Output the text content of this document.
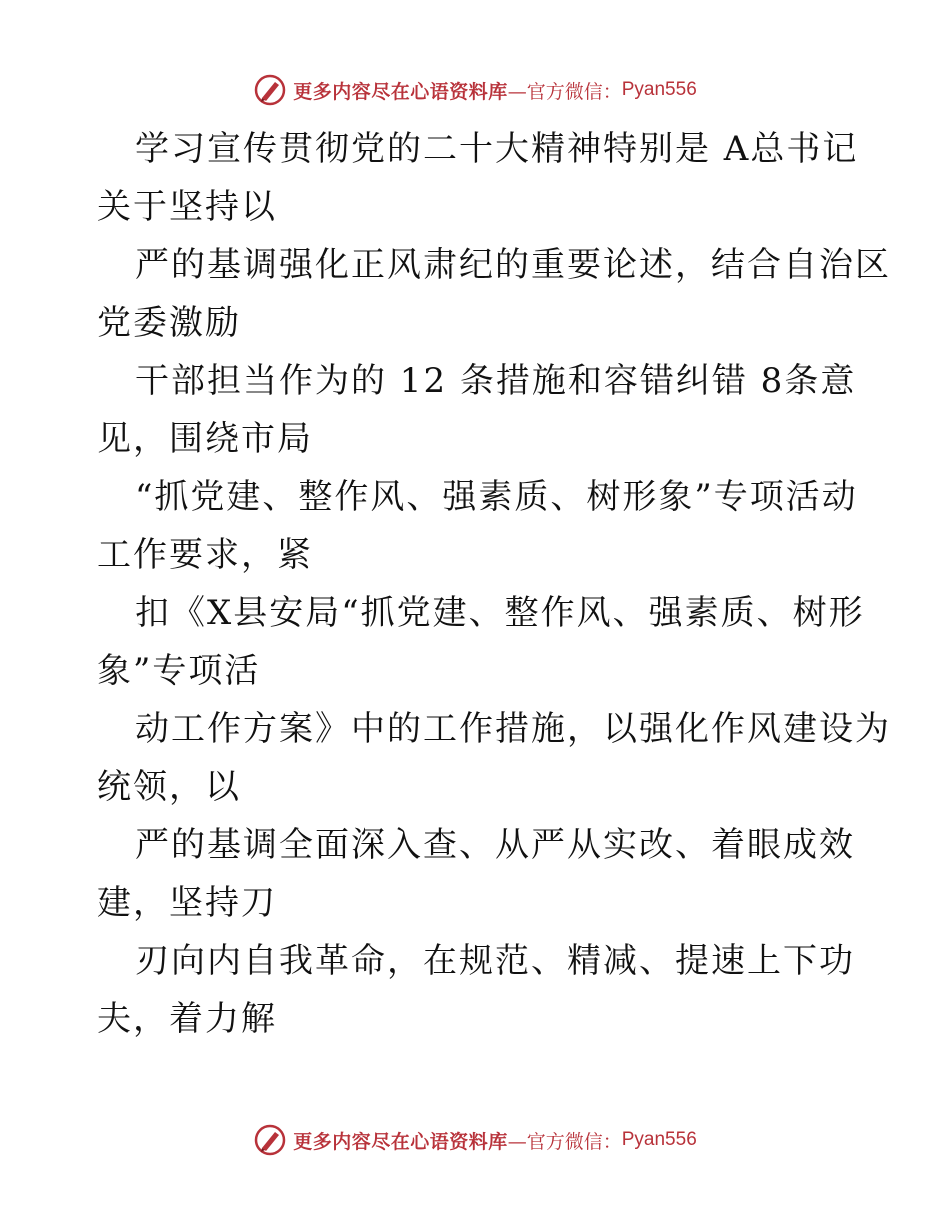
更多内容尽在心语资料库 —官方微信： Pyan556
学习宣传贯彻党的二十大精神特别是 A总书记
关于坚持以
严的基调强化正风肃纪的重要论述，结合自治区
党委激励
干部担当作为的 12 条措施和容错纠错 8条意
见，围绕市局
“抓党建、整作风、强素质、树形象”专项活动
工作要求，紧
扣《X县安局“抓党建、整作风、强素质、树形
象”专项活
动工作方案》中的工作措施，以强化作风建设为
统领，以
严的基调全面深入查、从严从实改、着眼成效
建，坚持刀
刃向内自我革命，在规范、精减、提速上下功
夫，着力解
更多内容尽在心语资料库 —官方微信： Pyan556
